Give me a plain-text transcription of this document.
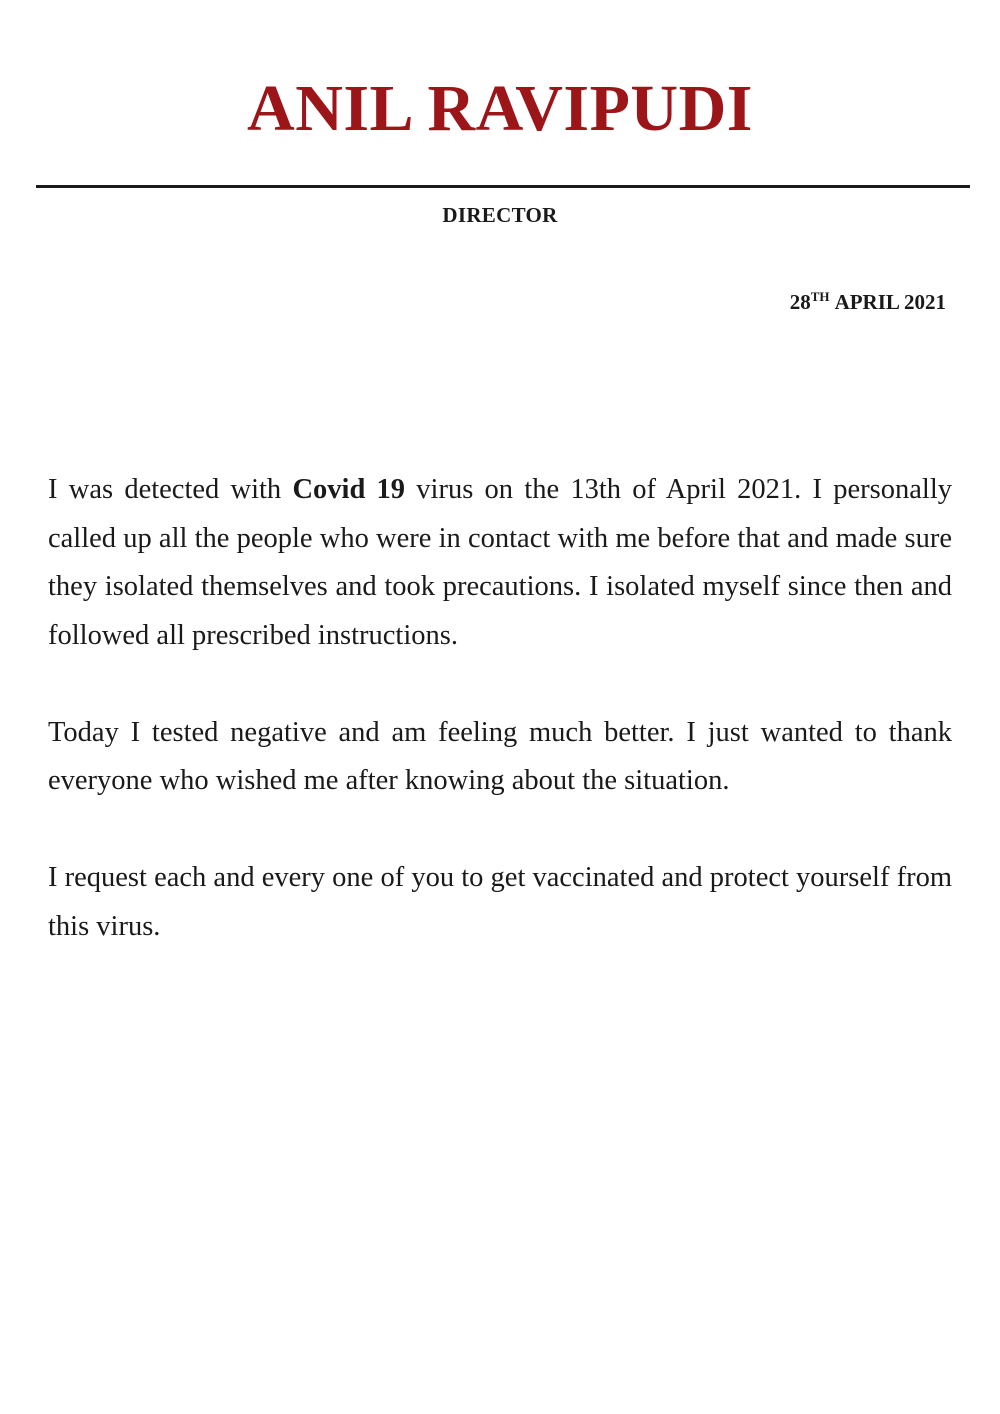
ANIL RAVIPUDI
DIRECTOR
28TH APRIL 2021

I was detected with Covid 19 virus on the 13th of April 2021. I personally called up all the people who were in contact with me before that and made sure they isolated themselves and took precautions. I isolated myself since then and followed all prescribed instructions.

Today I tested negative and am feeling much better. I just wanted to thank everyone who wished me after knowing about the situation.

I request each and every one of you to get vaccinated and protect yourself from this virus.
